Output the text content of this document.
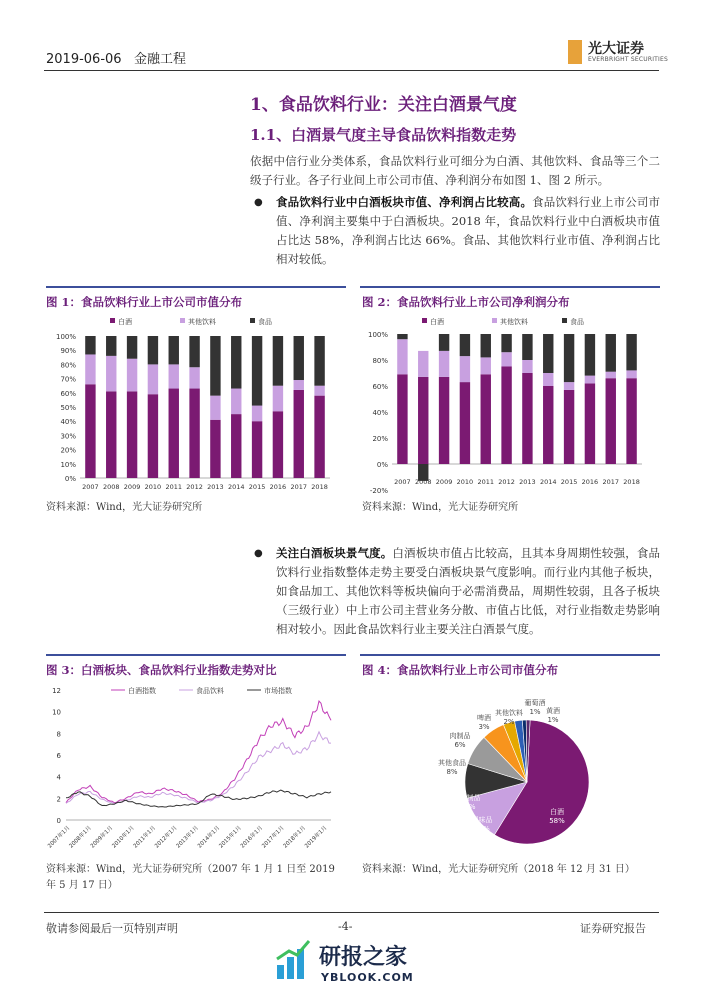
2019-06-06 金融工程
光大证券
EVERBRIGHT SECURITIES
1、食品饮料行业：关注白酒景气度
1.1、白酒景气度主导食品饮料指数走势
依据中信行业分类体系，食品饮料行业可细分为白酒、其他饮料、食品等三个二级子行业。各子行业间上市公司市值、净利润分布如图 1、图 2 所示。
● 食品饮料行业中白酒板块市值、净利润占比较高。食品饮料行业上市公司市值、净利润主要集中于白酒板块。2018 年，食品饮料行业中白酒板块市值占比达 58%，净利润占比达 66%。食品、其他饮料行业市值、净利润占比相对较低。
图 1：食品饮料行业上市公司市值分布
白酒	其他饮料	食品
0%
10%
20%
30%
40%
50%
60%
70%
80%
90%
100%
2007 2008 2009 2010 2011 2012 2013 2014 2015 2016 2017 2018
资料来源：Wind，光大证券研究所
图 2：食品饮料行业上市公司净利润分布
白酒	其他饮料	食品
-20%
0%
20%
40%
60%
80%
100%
2007 2008 2009 2010 2011 2012 2013 2014 2015 2016 2017 2018
资料来源：Wind，光大证券研究所
● 关注白酒板块景气度。白酒板块市值占比较高，且其本身周期性较强，食品饮料行业指数整体走势主要受白酒板块景气度影响。而行业内其他子板块，如食品加工、其他饮料等板块偏向于必需消费品，周期性较弱，且各子板块（三级行业）中上市公司主营业务分散、市值占比低，对行业指数走势影响相对较小。因此食品饮料行业主要关注白酒景气度。
图 3：白酒板块、食品饮料行业指数走势对比
0
2
4
6
8
10
12	白酒指数	食品饮料	市场指数
2007年1月
2008年1月
2009年1月
2010年1月
2011年1月
2012年1月
2013年1月
2014年1月
2015年1月
2016年1月
2017年1月
2018年1月
2019年1月
资料来源：Wind，光大证券研究所（2007 年 1 月 1 日至 2019 年 5 月 17 日）
图 4：食品饮料行业上市公司市值分布
白酒
58%
调味品
12%
乳制品
9%
其他食品
8%
肉制品
6%
啤酒
3%
其他饮料
2%
葡萄酒
1% 黄酒
1%
资料来源：Wind，光大证券研究所（2018 年 12 月 31 日）
敬请参阅最后一页特别声明	-4-	证券研究报告
研报之家
YBLOOK.COM
